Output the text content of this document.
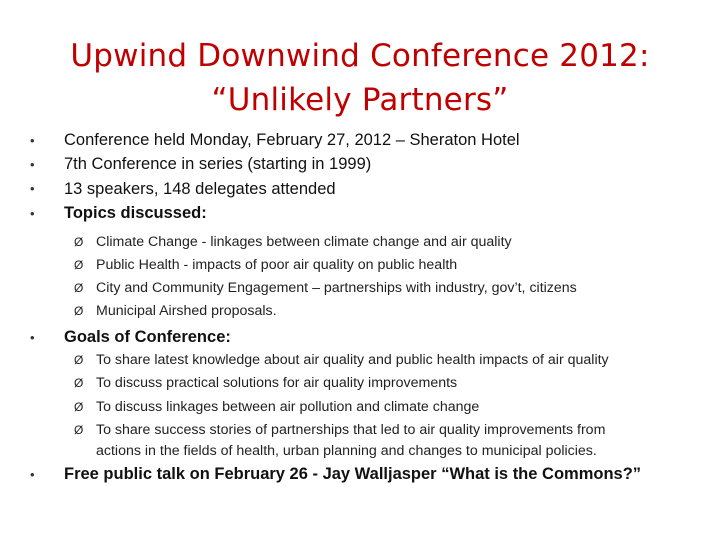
Upwind Downwind Conference 2012:
“Unlikely Partners”
• Conference held Monday, February 27, 2012 – Sheraton Hotel
• 7th Conference in series (starting in 1999)
• 13 speakers, 148 delegates attended
• Topics discussed:
Ø Climate Change - linkages between climate change and air quality
Ø Public Health - impacts of poor air quality on public health
Ø City and Community Engagement – partnerships with industry, gov’t, citizens
Ø Municipal Airshed proposals.
• Goals of Conference:
Ø To share latest knowledge about air quality and public health impacts of air quality
Ø To discuss practical solutions for air quality improvements
Ø To discuss linkages between air pollution and climate change
Ø To share success stories of partnerships that led to air quality improvements from
actions in the fields of health, urban planning and changes to municipal policies.
• Free public talk on February 26 - Jay Walljasper “What is the Commons?”
